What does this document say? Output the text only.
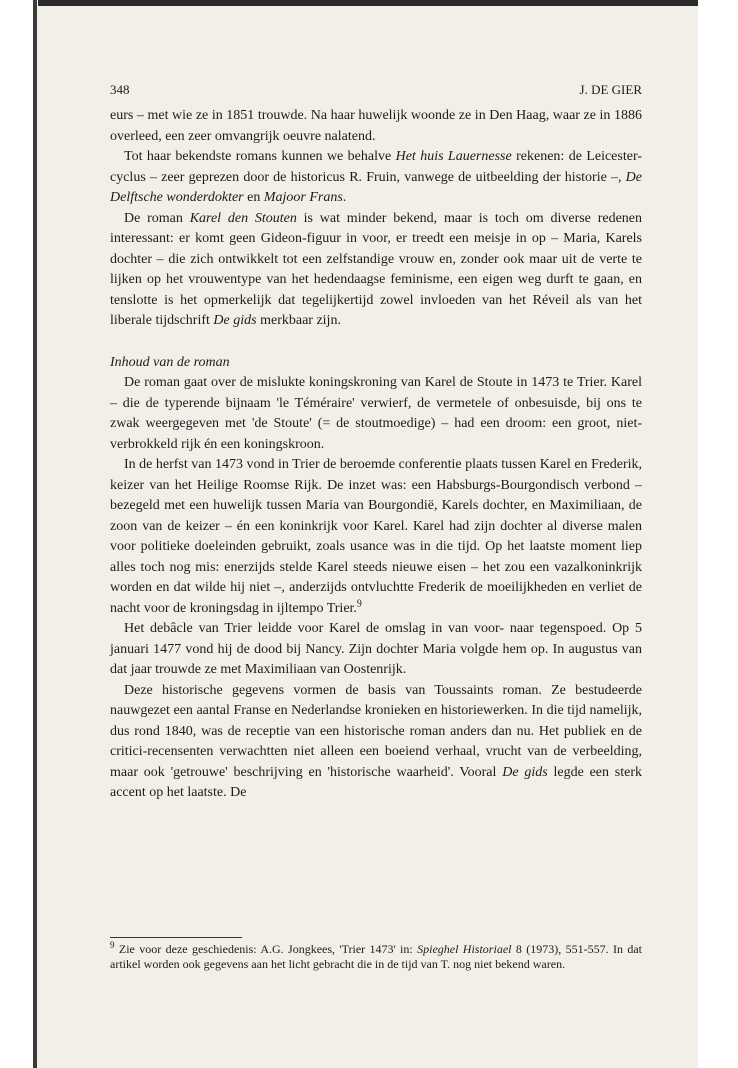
348	J. DE GIER

eurs – met wie ze in 1851 trouwde. Na haar huwelijk woonde ze in Den Haag, waar ze in 1886 overleed, een zeer omvangrijk oeuvre nalatend.

Tot haar bekendste romans kunnen we behalve Het huis Lauernesse rekenen: de Leicester-cyclus – zeer geprezen door de historicus R. Fruin, vanwege de uitbeelding der historie –, De Delftsche wonderdokter en Majoor Frans.

De roman Karel den Stouten is wat minder bekend, maar is toch om diverse redenen interessant: er komt geen Gideon-figuur in voor, er treedt een meisje in op – Maria, Karels dochter – die zich ontwikkelt tot een zelfstandige vrouw en, zonder ook maar uit de verte te lijken op het vrouwentype van het hedendaagse feminisme, een eigen weg durft te gaan, en tenslotte is het opmerkelijk dat tegelijkertijd zowel invloeden van het Réveil als van het liberale tijdschrift De gids merkbaar zijn.

Inhoud van de roman

De roman gaat over de mislukte koningskroning van Karel de Stoute in 1473 te Trier. Karel – die de typerende bijnaam 'le Téméraire' verwierf, de vermetele of onbesuisde, bij ons te zwak weergegeven met 'de Stoute' (= de stoutmoedige) – had een droom: een groot, niet-verbrokkeld rijk én een koningskroon.

In de herfst van 1473 vond in Trier de beroemde conferentie plaats tussen Karel en Frederik, keizer van het Heilige Roomse Rijk. De inzet was: een Habsburgs-Bourgondisch verbond – bezegeld met een huwelijk tussen Maria van Bourgondië, Karels dochter, en Maximiliaan, de zoon van de keizer – én een koninkrijk voor Karel. Karel had zijn dochter al diverse malen voor politieke doeleinden gebruikt, zoals usance was in die tijd. Op het laatste moment liep alles toch nog mis: enerzijds stelde Karel steeds nieuwe eisen – het zou een vazalkoninkrijk worden en dat wilde hij niet –, anderzijds ontvluchtte Frederik de moeilijkheden en verliet de nacht voor de kroningsdag in ijltempo Trier.$^9$

Het debâcle van Trier leidde voor Karel de omslag in van voor- naar tegenspoed. Op 5 januari 1477 vond hij de dood bij Nancy. Zijn dochter Maria volgde hem op. In augustus van dat jaar trouwde ze met Maximiliaan van Oostenrijk.

Deze historische gegevens vormen de basis van Toussaints roman. Ze bestudeerde nauwgezet een aantal Franse en Nederlandse kronieken en historiewerken. In die tijd namelijk, dus rond 1840, was de receptie van een historische roman anders dan nu. Het publiek en de critici-recensenten verwachtten niet alleen een boeiend verhaal, vrucht van de verbeelding, maar ook 'getrouwe' beschrijving en 'historische waarheid'. Vooral De gids legde een sterk accent op het laatste. De

$^9$ Zie voor deze geschiedenis: A.G. Jongkees, 'Trier 1473' in: Spieghel Historiael 8 (1973), 551-557. In dat artikel worden ook gegevens aan het licht gebracht die in de tijd van T. nog niet bekend waren.
